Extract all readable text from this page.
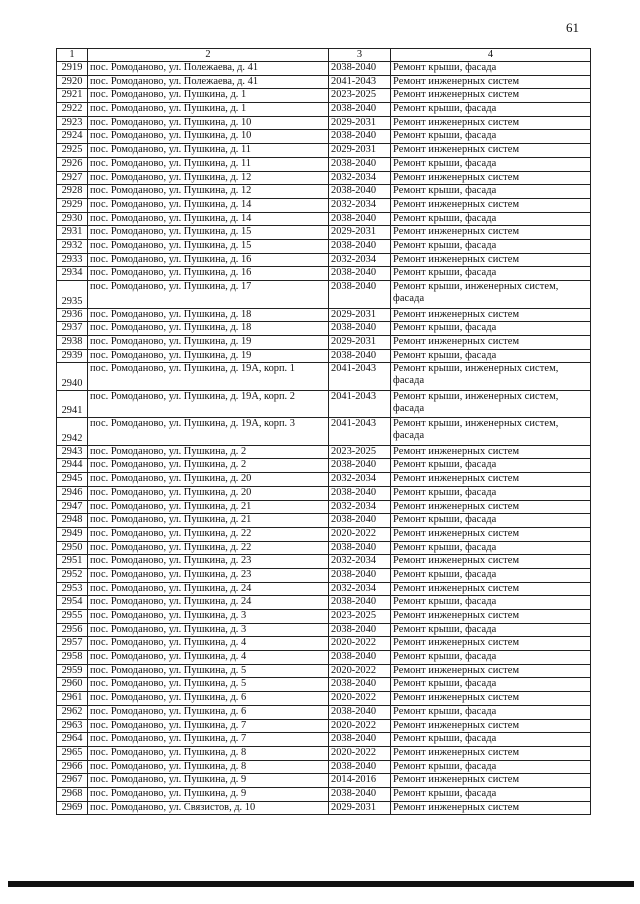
61
1	2	3	4
2919	пос. Ромоданово, ул. Полежаева, д. 41	2038-2040	Ремонт крыши, фасада
2920	пос. Ромоданово, ул. Полежаева, д. 41	2041-2043	Ремонт инженерных систем
2921	пос. Ромоданово, ул. Пушкина, д. 1	2023-2025	Ремонт инженерных систем
2922	пос. Ромоданово, ул. Пушкина, д. 1	2038-2040	Ремонт крыши, фасада
2923	пос. Ромоданово, ул. Пушкина, д. 10	2029-2031	Ремонт инженерных систем
2924	пос. Ромоданово, ул. Пушкина, д. 10	2038-2040	Ремонт крыши, фасада
2925	пос. Ромоданово, ул. Пушкина, д. 11	2029-2031	Ремонт инженерных систем
2926	пос. Ромоданово, ул. Пушкина, д. 11	2038-2040	Ремонт крыши, фасада
2927	пос. Ромоданово, ул. Пушкина, д. 12	2032-2034	Ремонт инженерных систем
2928	пос. Ромоданово, ул. Пушкина, д. 12	2038-2040	Ремонт крыши, фасада
2929	пос. Ромоданово, ул. Пушкина, д. 14	2032-2034	Ремонт инженерных систем
2930	пос. Ромоданово, ул. Пушкина, д. 14	2038-2040	Ремонт крыши, фасада
2931	пос. Ромоданово, ул. Пушкина, д. 15	2029-2031	Ремонт инженерных систем
2932	пос. Ромоданово, ул. Пушкина, д. 15	2038-2040	Ремонт крыши, фасада
2933	пос. Ромоданово, ул. Пушкина, д. 16	2032-2034	Ремонт инженерных систем
2934	пос. Ромоданово, ул. Пушкина, д. 16	2038-2040	Ремонт крыши, фасада
2935	пос. Ромоданово, ул. Пушкина, д. 17	2038-2040	Ремонт крыши, инженерных систем, фасада
2936	пос. Ромоданово, ул. Пушкина, д. 18	2029-2031	Ремонт инженерных систем
2937	пос. Ромоданово, ул. Пушкина, д. 18	2038-2040	Ремонт крыши, фасада
2938	пос. Ромоданово, ул. Пушкина, д. 19	2029-2031	Ремонт инженерных систем
2939	пос. Ромоданово, ул. Пушкина, д. 19	2038-2040	Ремонт крыши, фасада
2940	пос. Ромоданово, ул. Пушкина, д. 19А, корп. 1	2041-2043	Ремонт крыши, инженерных систем, фасада
2941	пос. Ромоданово, ул. Пушкина, д. 19А, корп. 2	2041-2043	Ремонт крыши, инженерных систем, фасада
2942	пос. Ромоданово, ул. Пушкина, д. 19А, корп. 3	2041-2043	Ремонт крыши, инженерных систем, фасада
2943	пос. Ромоданово, ул. Пушкина, д. 2	2023-2025	Ремонт инженерных систем
2944	пос. Ромоданово, ул. Пушкина, д. 2	2038-2040	Ремонт крыши, фасада
2945	пос. Ромоданово, ул. Пушкина, д. 20	2032-2034	Ремонт инженерных систем
2946	пос. Ромоданово, ул. Пушкина, д. 20	2038-2040	Ремонт крыши, фасада
2947	пос. Ромоданово, ул. Пушкина, д. 21	2032-2034	Ремонт инженерных систем
2948	пос. Ромоданово, ул. Пушкина, д. 21	2038-2040	Ремонт крыши, фасада
2949	пос. Ромоданово, ул. Пушкина, д. 22	2020-2022	Ремонт инженерных систем
2950	пос. Ромоданово, ул. Пушкина, д. 22	2038-2040	Ремонт крыши, фасада
2951	пос. Ромоданово, ул. Пушкина, д. 23	2032-2034	Ремонт инженерных систем
2952	пос. Ромоданово, ул. Пушкина, д. 23	2038-2040	Ремонт крыши, фасада
2953	пос. Ромоданово, ул. Пушкина, д. 24	2032-2034	Ремонт инженерных систем
2954	пос. Ромоданово, ул. Пушкина, д. 24	2038-2040	Ремонт крыши, фасада
2955	пос. Ромоданово, ул. Пушкина, д. 3	2023-2025	Ремонт инженерных систем
2956	пос. Ромоданово, ул. Пушкина, д. 3	2038-2040	Ремонт крыши, фасада
2957	пос. Ромоданово, ул. Пушкина, д. 4	2020-2022	Ремонт инженерных систем
2958	пос. Ромоданово, ул. Пушкина, д. 4	2038-2040	Ремонт крыши, фасада
2959	пос. Ромоданово, ул. Пушкина, д. 5	2020-2022	Ремонт инженерных систем
2960	пос. Ромоданово, ул. Пушкина, д. 5	2038-2040	Ремонт крыши, фасада
2961	пос. Ромоданово, ул. Пушкина, д. 6	2020-2022	Ремонт инженерных систем
2962	пос. Ромоданово, ул. Пушкина, д. 6	2038-2040	Ремонт крыши, фасада
2963	пос. Ромоданово, ул. Пушкина, д. 7	2020-2022	Ремонт инженерных систем
2964	пос. Ромоданово, ул. Пушкина, д. 7	2038-2040	Ремонт крыши, фасада
2965	пос. Ромоданово, ул. Пушкина, д. 8	2020-2022	Ремонт инженерных систем
2966	пос. Ромоданово, ул. Пушкина, д. 8	2038-2040	Ремонт крыши, фасада
2967	пос. Ромоданово, ул. Пушкина, д. 9	2014-2016	Ремонт инженерных систем
2968	пос. Ромоданово, ул. Пушкина, д. 9	2038-2040	Ремонт крыши, фасада
2969	пос. Ромоданово, ул. Связистов, д. 10	2029-2031	Ремонт инженерных систем
